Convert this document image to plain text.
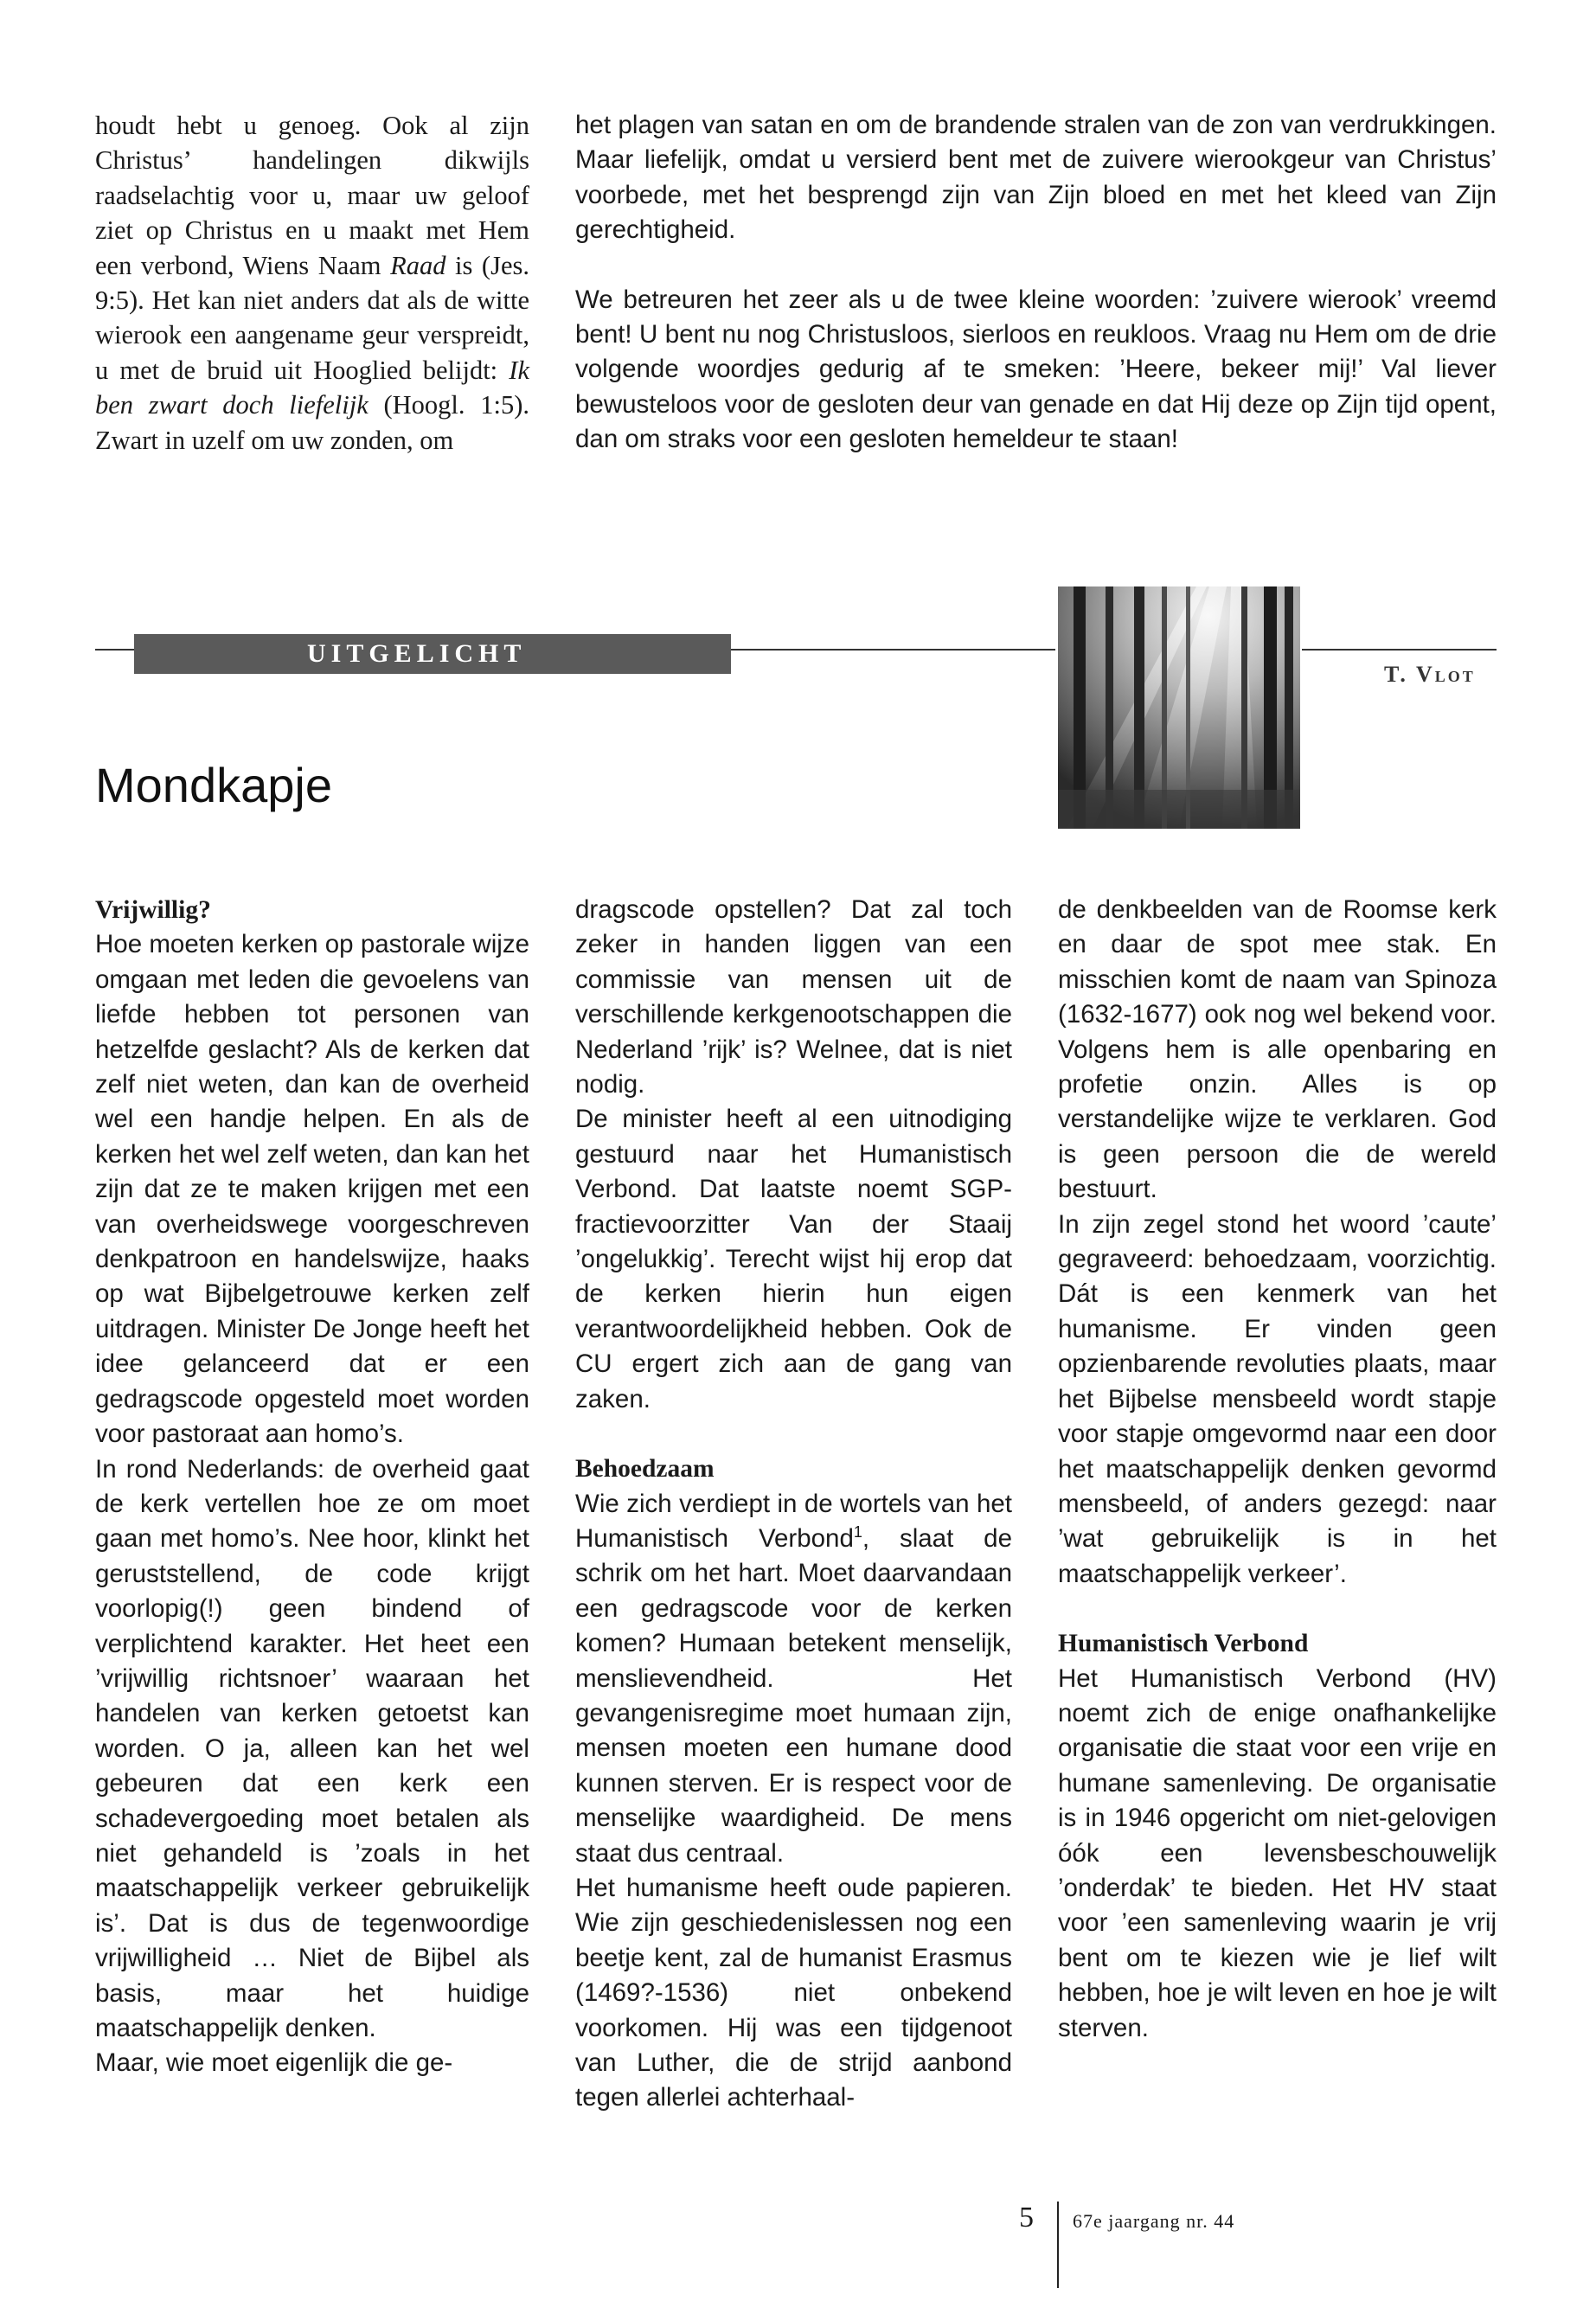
houdt hebt u genoeg. Ook al zijn Christus’ handelingen dikwijls raadselachtig voor u, maar uw geloof ziet op Christus en u maakt met Hem een verbond, Wiens Naam Raad is (Jes. 9:5). Het kan niet anders dat als de witte wierook een aangename geur verspreidt, u met de bruid uit Hooglied belijdt: Ik ben zwart doch liefelijk (Hoogl. 1:5). Zwart in uzelf om uw zonden, om

het plagen van satan en om de brandende stralen van de zon van verdrukkingen. Maar liefelijk, omdat u versierd bent met de zuivere wierookgeur van Christus’ voorbede, met het besprengd zijn van Zijn bloed en met het kleed van Zijn gerechtigheid.

We betreuren het zeer als u de twee kleine woorden: ’zuivere wierook’ vreemd bent! U bent nu nog Christusloos, sierloos en reukloos. Vraag nu Hem om de drie volgende woordjes gedurig af te smeken: ’Heere, bekeer mij!’ Val liever bewusteloos voor de gesloten deur van genade en dat Hij deze op Zijn tijd opent, dan om straks voor een gesloten hemeldeur te staan!

UITGELICHT
T. Vlot
Mondkapje

Vrijwillig?

Hoe moeten kerken op pastorale wijze omgaan met leden die gevoelens van liefde hebben tot personen van hetzelfde geslacht? Als de kerken dat zelf niet weten, dan kan de overheid wel een handje helpen. En als de kerken het wel zelf weten, dan kan het zijn dat ze te maken krijgen met een van overheidswege voorgeschreven denkpatroon en handelswijze, haaks op wat Bijbelgetrouwe kerken zelf uitdragen. Minister De Jonge heeft het idee gelanceerd dat er een gedragscode opgesteld moet worden voor pastoraat aan homo’s.

In rond Nederlands: de overheid gaat de kerk vertellen hoe ze om moet gaan met homo’s. Nee hoor, klinkt het geruststellend, de code krijgt voorlopig(!) geen bindend of verplichtend karakter. Het heet een ’vrijwillig richtsnoer’ waaraan het handelen van kerken getoetst kan worden. O ja, alleen kan het wel gebeuren dat een kerk een schadevergoeding moet betalen als niet gehandeld is ’zoals in het maatschappelijk verkeer gebruikelijk is’. Dat is dus de tegenwoordige vrijwilligheid … Niet de Bijbel als basis, maar het huidige maatschappelijk denken.

Maar, wie moet eigenlijk die ge-

dragscode opstellen? Dat zal toch zeker in handen liggen van een commissie van mensen uit de verschillende kerkgenootschappen die Nederland ’rijk’ is? Welnee, dat is niet nodig.

De minister heeft al een uitnodiging gestuurd naar het Humanistisch Verbond. Dat laatste noemt SGP-fractievoorzitter Van der Staaij ’ongelukkig’. Terecht wijst hij erop dat de kerken hierin hun eigen verantwoordelijkheid hebben. Ook de CU ergert zich aan de gang van zaken.

Behoedzaam

Wie zich verdiept in de wortels van het Humanistisch Verbond$^1$, slaat de schrik om het hart. Moet daarvandaan een gedragscode voor de kerken komen? Humaan betekent menselijk, menslievendheid. Het gevangenisregime moet humaan zijn, mensen moeten een humane dood kunnen sterven. Er is respect voor de menselijke waardigheid. De mens staat dus centraal.

Het humanisme heeft oude papieren. Wie zijn geschiedenislessen nog een beetje kent, zal de humanist Erasmus (1469?-1536) niet onbekend voorkomen. Hij was een tijdgenoot van Luther, die de strijd aanbond tegen allerlei achterhaal-

de denkbeelden van de Roomse kerk en daar de spot mee stak. En misschien komt de naam van Spinoza (1632-1677) ook nog wel bekend voor. Volgens hem is alle openbaring en profetie onzin. Alles is op verstandelijke wijze te verklaren. God is geen persoon die de wereld bestuurt.

In zijn zegel stond het woord ’caute’ gegraveerd: behoedzaam, voorzichtig. Dát is een kenmerk van het humanisme. Er vinden geen opzienbarende revoluties plaats, maar het Bijbelse mensbeeld wordt stapje voor stapje omgevormd naar een door het maatschappelijk denken gevormd mensbeeld, of anders gezegd: naar ’wat gebruikelijk is in het maatschappelijk verkeer’.

Humanistisch Verbond

Het Humanistisch Verbond (HV) noemt zich de enige onafhankelijke organisatie die staat voor een vrije en humane samenleving. De organisatie is in 1946 opgericht om niet-gelovigen óók een levensbeschouwelijk ’onderdak’ te bieden. Het HV staat voor ’een samenleving waarin je vrij bent om te kiezen wie je lief wilt hebben, hoe je wilt leven en hoe je wilt sterven.

5 67e jaargang nr. 44
